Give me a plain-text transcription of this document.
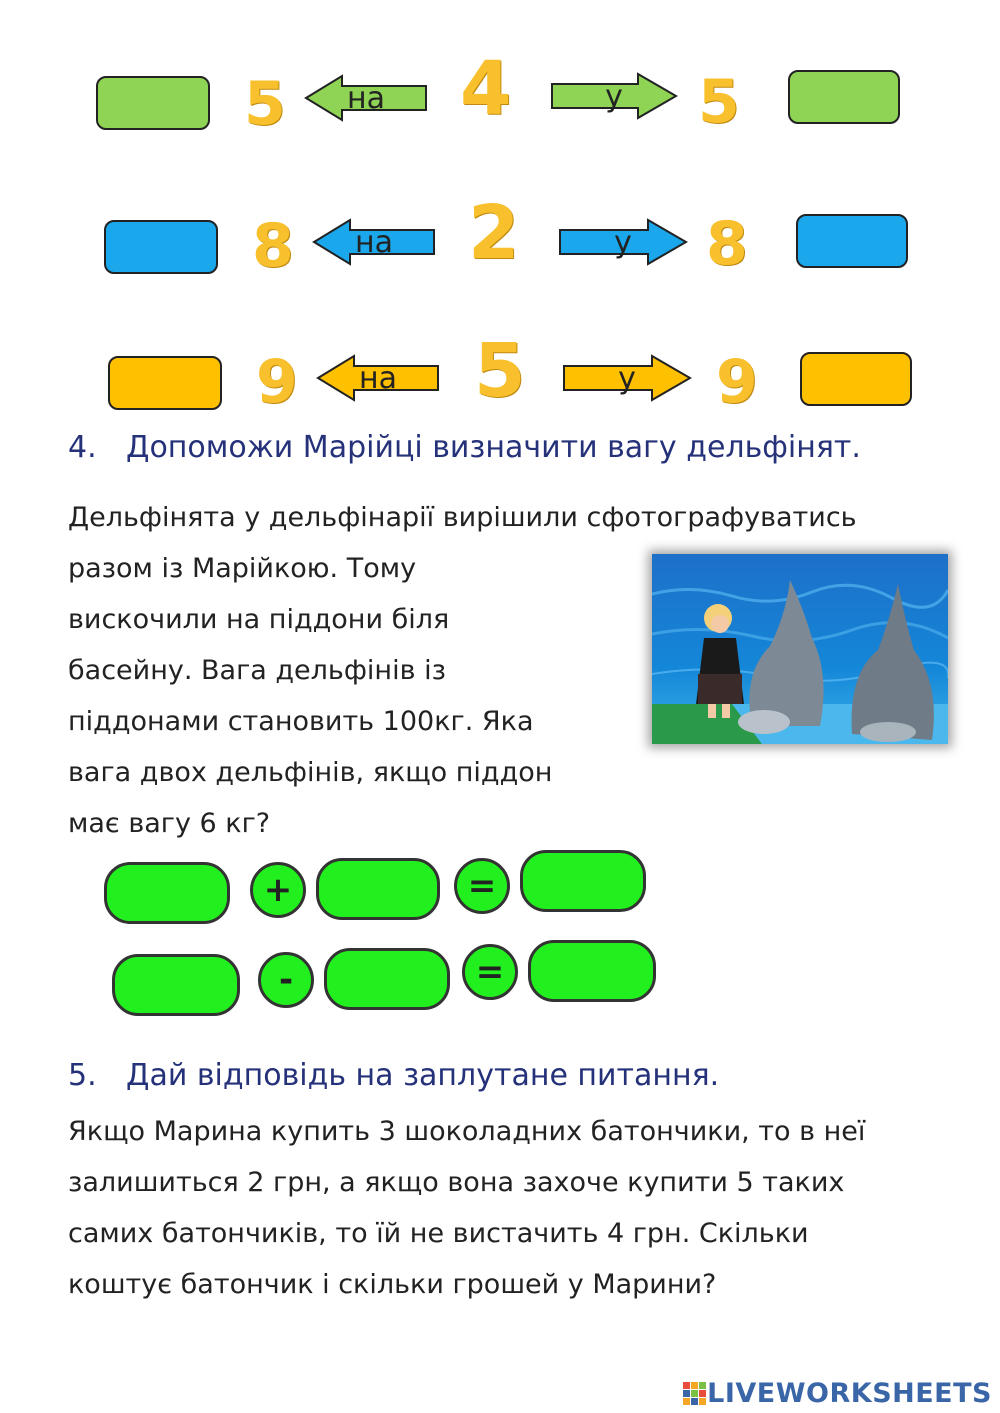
5	на	4	у	5
8	на	2	у	8
9	на	5	у	9
4. Допоможи Марійці визначити вагу дельфінят.
Дельфінята у дельфінарії вирішили сфотографуватись
разом із Марійкою. Тому
вискочили на піддони біля
басейну. Вага дельфінів із
піддонами становить 100кг. Яка
вага двох дельфінів, якщо піддон
має вагу 6 кг?
+	=
-	=
5. Дай відповідь на заплутане питання.
Якщо Марина купить 3 шоколадних батончики, то в неї
залишиться 2 грн, а якщо вона захоче купити 5 таких
самих батончиків, то їй не вистачить 4 грн. Скільки
коштує батончик і скільки грошей у Марини?
LIVEWORKSHEETS
